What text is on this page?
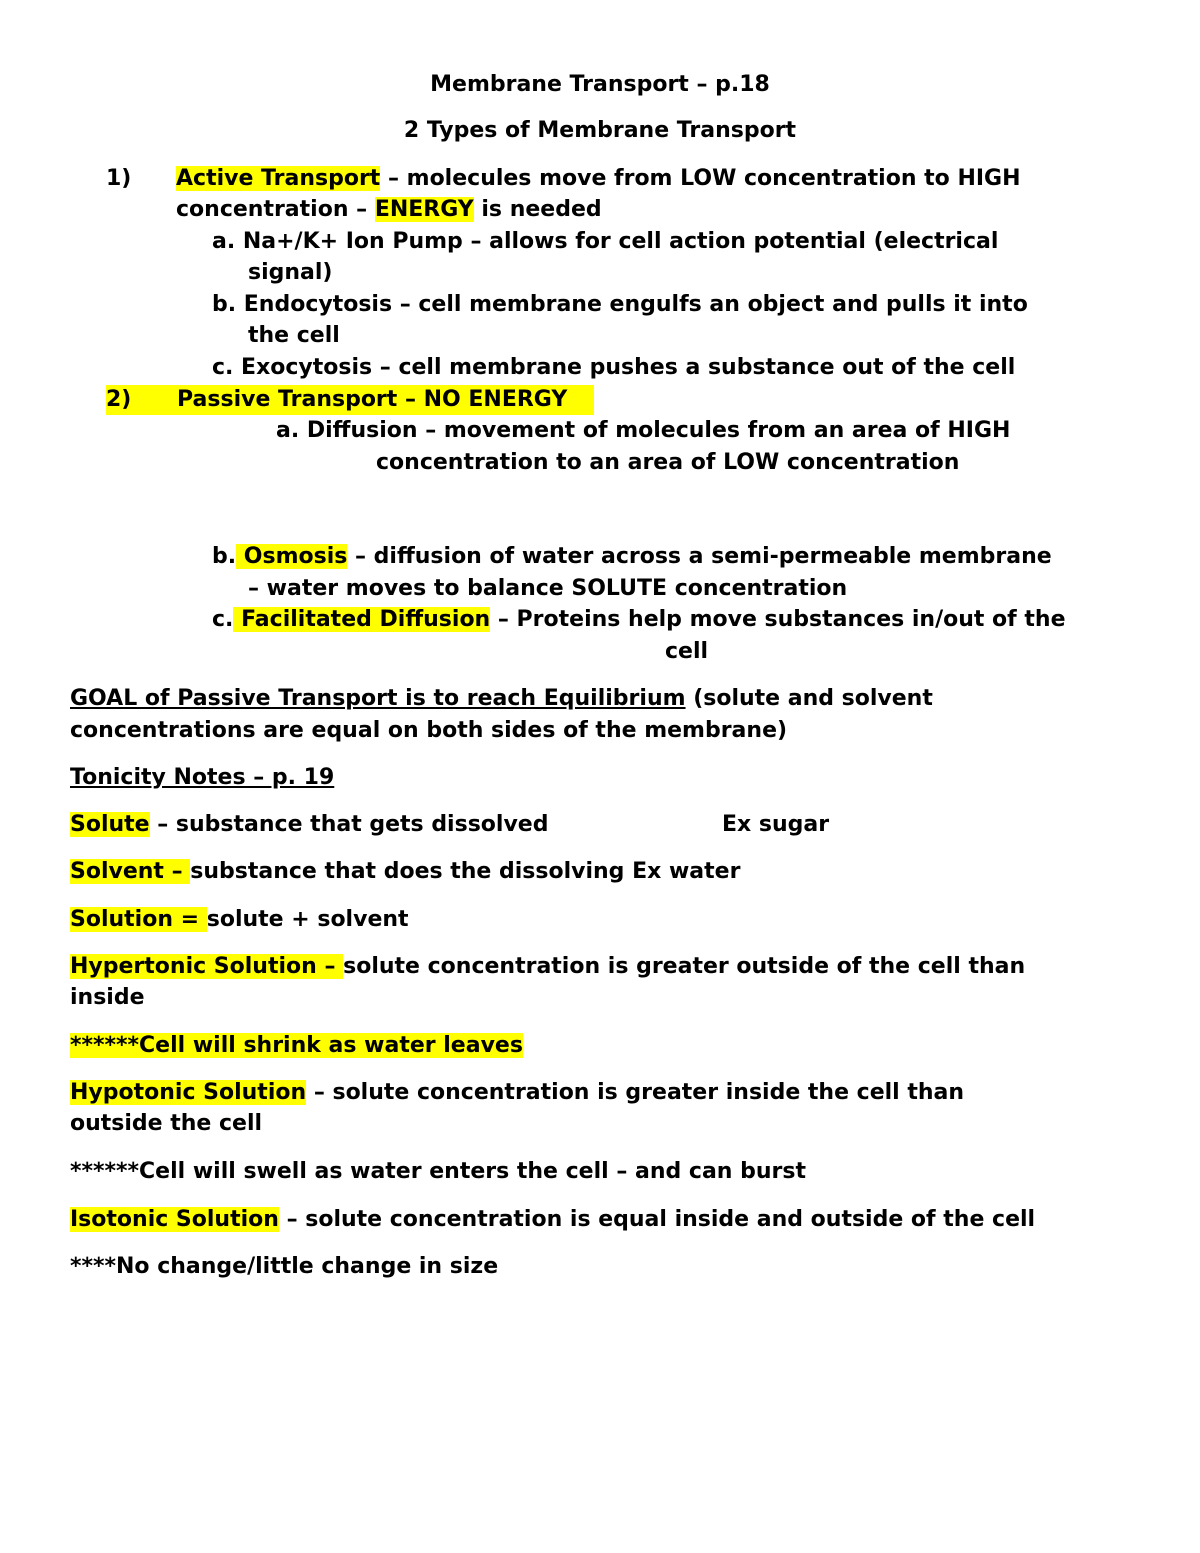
Membrane Transport – p.18
2 Types of Membrane Transport
1) Active Transport – molecules move from LOW concentration to HIGH
concentration – ENERGY is needed
a. Na+/K+ Ion Pump – allows for cell action potential (electrical
signal)
b. Endocytosis – cell membrane engulfs an object and pulls it into
the cell
c. Exocytosis – cell membrane pushes a substance out of the cell
2) Passive Transport – NO ENERGY
a. Diffusion – movement of molecules from an area of HIGH
concentration to an area of LOW concentration
b. Osmosis – diffusion of water across a semi-permeable membrane
– water moves to balance SOLUTE concentration
c. Facilitated Diffusion – Proteins help move substances in/out of the
cell
GOAL of Passive Transport is to reach Equilibrium (solute and solvent
concentrations are equal on both sides of the membrane)
Tonicity Notes – p. 19
Solute – substance that gets dissolved	Ex sugar
Solvent – substance that does the dissolving Ex water
Solution = solute + solvent
Hypertonic Solution – solute concentration is greater outside of the cell than
inside
******Cell will shrink as water leaves
Hypotonic Solution – solute concentration is greater inside the cell than
outside the cell
******Cell will swell as water enters the cell – and can burst
Isotonic Solution – solute concentration is equal inside and outside of the cell
****No change/little change in size
